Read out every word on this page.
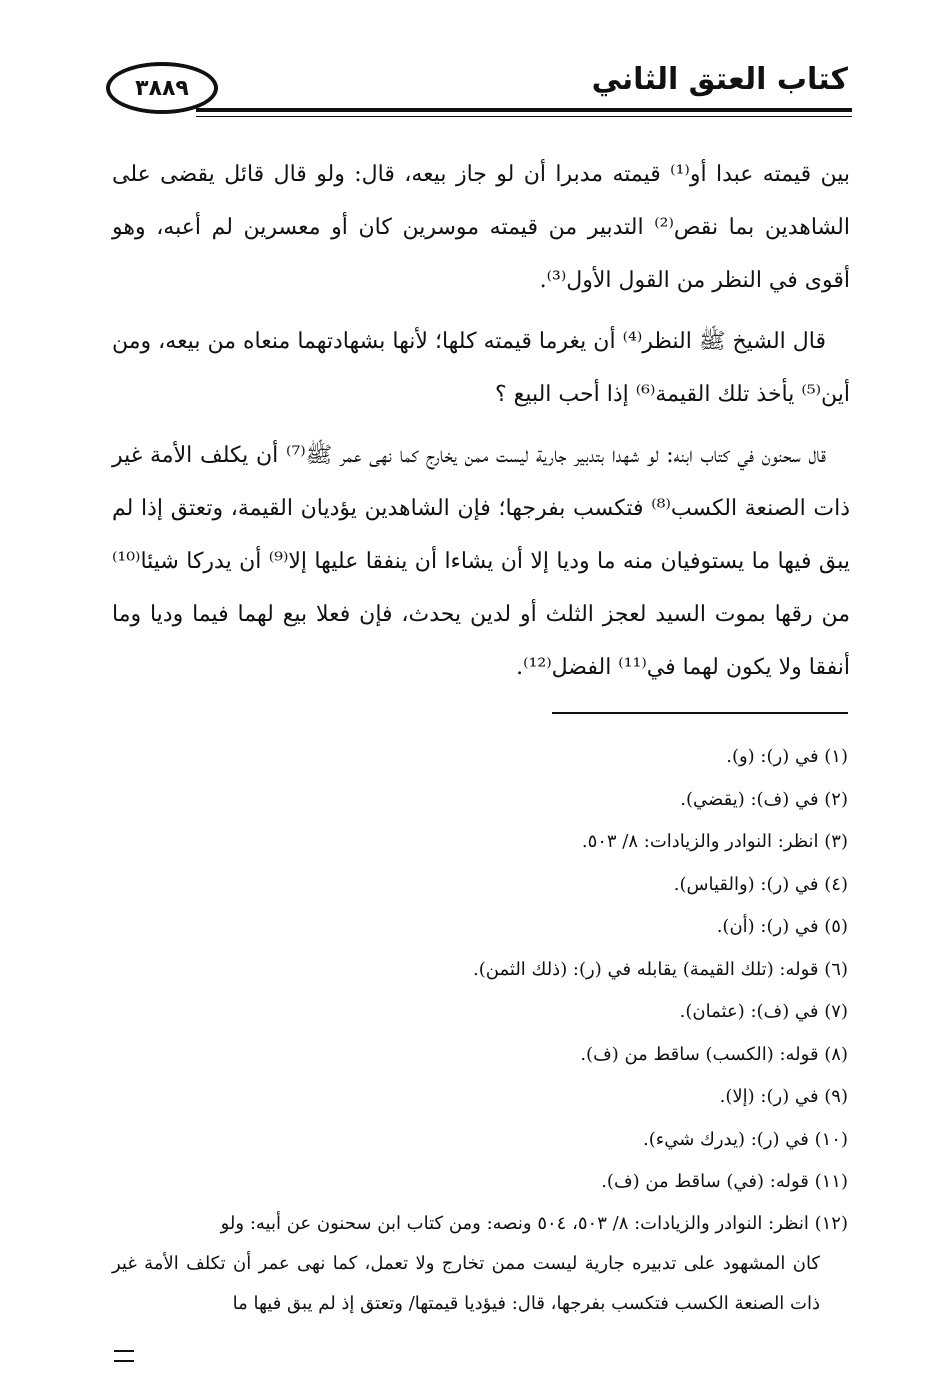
كتاب العتق الثاني
٣٨٨٩

بين قيمته عبدا أو⁽¹⁾ قيمته مدبرا أن لو جاز بيعه، قال: ولو قال قائل يقضى على الشاهدين بما نقص⁽²⁾ التدبير من قيمته موسرين كان أو معسرين لم أعبه، وهو أقوى في النظر من القول الأول⁽³⁾.

قال الشيخ ﷺ النظر⁽⁴⁾ أن يغرما قيمته كلها؛ لأنها بشهادتهما منعاه من بيعه، ومن أين⁽⁵⁾ يأخذ تلك القيمة⁽⁶⁾ إذا أحب البيع ؟

قال سحنون في كتاب ابنه: لو شهدا بتدبير جارية ليست ممن يخارج كما نهى عمر ﷺ⁽⁷⁾ أن يكلف الأمة غير ذات الصنعة الكسب⁽⁸⁾ فتكسب بفرجها؛ فإن الشاهدين يؤديان القيمة، وتعتق إذا لم يبق فيها ما يستوفيان منه ما وديا إلا أن يشاءا أن ينفقا عليها إلا⁽⁹⁾ أن يدركا شيئا⁽¹⁰⁾ من رقها بموت السيد لعجز الثلث أو لدين يحدث، فإن فعلا بيع لهما فيما وديا وما أنفقا ولا يكون لهما في⁽¹¹⁾ الفضل⁽¹²⁾.

(١) في (ر): (و).

(٢) في (ف): (يقضي).

(٣) انظر: النوادر والزيادات: ٨/ ٥٠٣.

(٤) في (ر): (والقياس).

(٥) في (ر): (أن).

(٦) قوله: (تلك القيمة) يقابله في (ر): (ذلك الثمن).

(٧) في (ف): (عثمان).

(٨) قوله: (الكسب) ساقط من (ف).

(٩) في (ر): (إلا).

(١٠) في (ر): (يدرك شيء).

(١١) قوله: (في) ساقط من (ف).

(١٢) انظر: النوادر والزيادات: ٨/ ٥٠٣، ٥٠٤ ونصه: ومن كتاب ابن سحنون عن أبيه: ولو
كان المشهود على تدبيره جارية ليست ممن تخارج ولا تعمل، كما نهى عمر أن تكلف الأمة غير ذات الصنعة الكسب فتكسب بفرجها، قال: فيؤديا قيمتها/ وتعتق إذ لم يبق فيها ما
